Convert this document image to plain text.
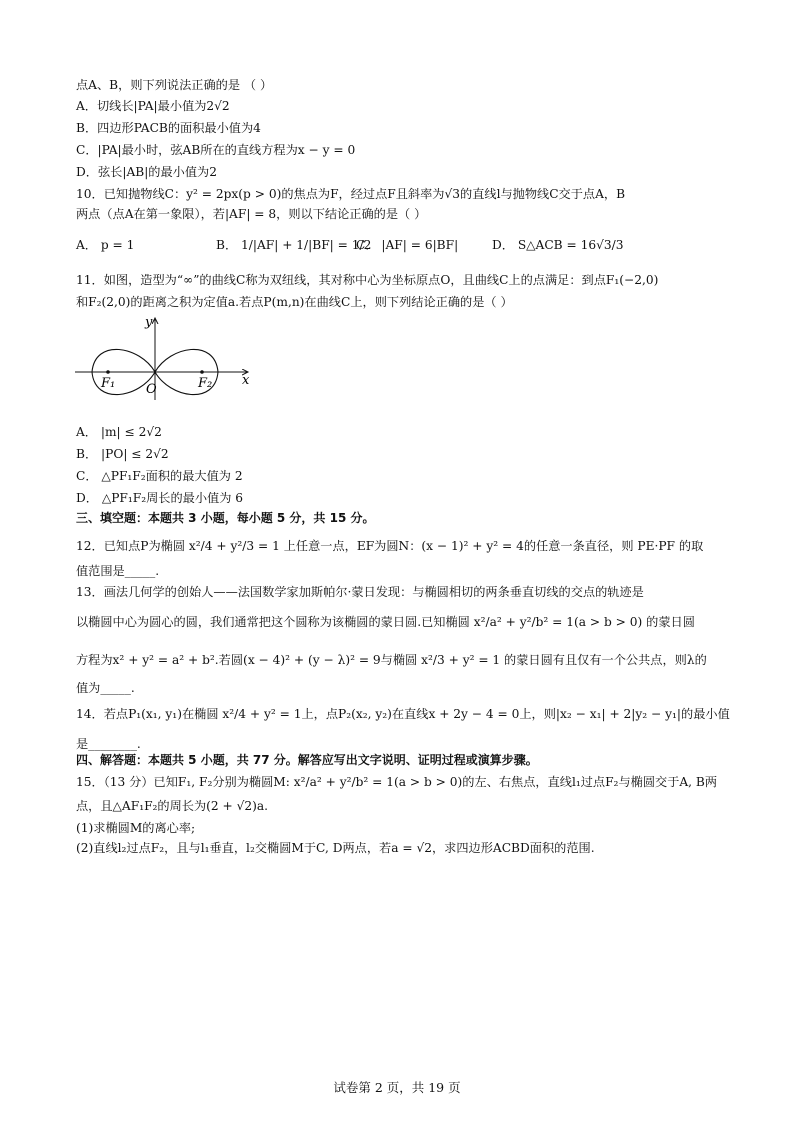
点A、B，则下列说法正确的是 （ ）
A．切线长|PA|最小值为2√2
B．四边形PACB的面积最小值为4
C．|PA|最小时，弦AB所在的直线方程为x − y = 0
D．弦长|AB|的最小值为2
10．已知抛物线C：y² = 2px(p > 0)的焦点为F，经过点F且斜率为√3的直线l与抛物线C交于点A，B
两点（点A在第一象限），若|AF| = 8，则以下结论正确的是（ ）
A． p = 1	B． 1/|AF| + 1/|BF| = 1/2
C． |AF| = 6|BF|	D． S△ACB = 16√3/3
11．如图，造型为“∞”的曲线C称为双纽线，其对称中心为坐标原点O，且曲线C上的点满足：到点F₁(−2,0)
和F₂(2,0)的距离之积为定值a.若点P(m,n)在曲线C上，则下列结论正确的是（ ）
y
x
O
F₁	F₂
A． |m| ≤ 2√2
B． |PO| ≤ 2√2
C． △PF₁F₂面积的最大值为 2
D． △PF₁F₂周长的最小值为 6
三、填空题：本题共 3 小题，每小题 5 分，共 15 分。
12．已知点P为椭圆 x²/4 + y²/3 = 1 上任意一点，EF为圆N：(x − 1)² + y² = 4的任意一条直径，则 PE·PF 的取
值范围是_____.
13．画法几何学的创始人——法国数学家加斯帕尔·蒙日发现：与椭圆相切的两条垂直切线的交点的轨迹是
以椭圆中心为圆心的圆，我们通常把这个圆称为该椭圆的蒙日圆.已知椭圆 x²/a² + y²/b² = 1(a > b > 0) 的蒙日圆
方程为x² + y² = a² + b².若圆(x − 4)² + (y − λ)² = 9与椭圆 x²/3 + y² = 1 的蒙日圆有且仅有一个公共点，则λ的
值为_____.
14．若点P₁(x₁, y₁)在椭圆 x²/4 + y² = 1上，点P₂(x₂, y₂)在直线x + 2y − 4 = 0上，则|x₂ − x₁| + 2|y₂ − y₁|的最小值
是________.
四、解答题：本题共 5 小题，共 77 分。解答应写出文字说明、证明过程或演算步骤。
15．（13 分）已知F₁, F₂分别为椭圆M: x²/a² + y²/b² = 1(a > b > 0)的左、右焦点，直线l₁过点F₂与椭圆交于A, B两
点，且△AF₁F₂的周长为(2 + √2)a.
(1)求椭圆M的离心率;
(2)直线l₂过点F₂，且与l₁垂直，l₂交椭圆M于C, D两点，若a = √2，求四边形ACBD面积的范围.
试卷第 2 页，共 19 页
